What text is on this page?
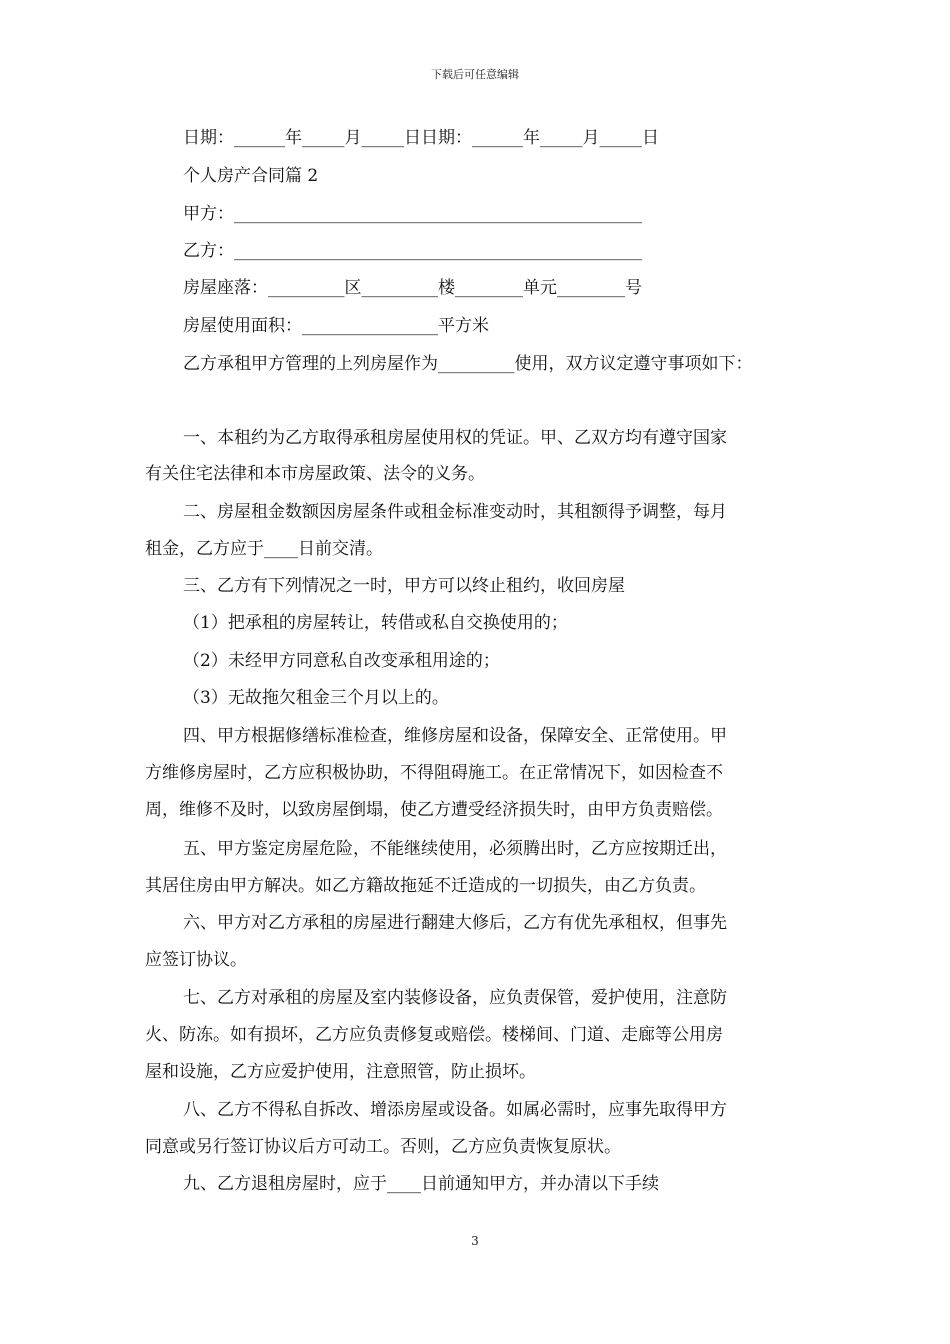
下载后可任意编辑
日期：______年_____月_____日日期：______年_____月_____日
个人房产合同篇 2
甲方：________________________________________________
乙方：________________________________________________
房屋座落：_________区_________楼________单元________号
房屋使用面积：________________平方米
乙方承租甲方管理的上列房屋作为_________使用，双方议定遵守事项如下：
一、本租约为乙方取得承租房屋使用权的凭证。甲、乙双方均有遵守国家
有关住宅法律和本市房屋政策、法令的义务。
二、房屋租金数额因房屋条件或租金标准变动时，其租额得予调整，每月
租金，乙方应于____日前交清。
三、乙方有下列情况之一时，甲方可以终止租约，收回房屋
（1）把承租的房屋转让，转借或私自交换使用的；
（2）未经甲方同意私自改变承租用途的；
（3）无故拖欠租金三个月以上的。
四、甲方根据修缮标准检查，维修房屋和设备，保障安全、正常使用。甲
方维修房屋时，乙方应积极协助，不得阻碍施工。在正常情况下，如因检查不
周，维修不及时，以致房屋倒塌，使乙方遭受经济损失时，由甲方负责赔偿。
五、甲方鉴定房屋危险，不能继续使用，必须腾出时，乙方应按期迁出，
其居住房由甲方解决。如乙方籍故拖延不迁造成的一切损失，由乙方负责。
六、甲方对乙方承租的房屋进行翻建大修后，乙方有优先承租权，但事先
应签订协议。
七、乙方对承租的房屋及室内装修设备，应负责保管，爱护使用，注意防
火、防冻。如有损坏，乙方应负责修复或赔偿。楼梯间、门道、走廊等公用房
屋和设施，乙方应爱护使用，注意照管，防止损坏。
八、乙方不得私自拆改、增添房屋或设备。如属必需时，应事先取得甲方
同意或另行签订协议后方可动工。否则，乙方应负责恢复原状。
九、乙方退租房屋时，应于____日前通知甲方，并办清以下手续
3
